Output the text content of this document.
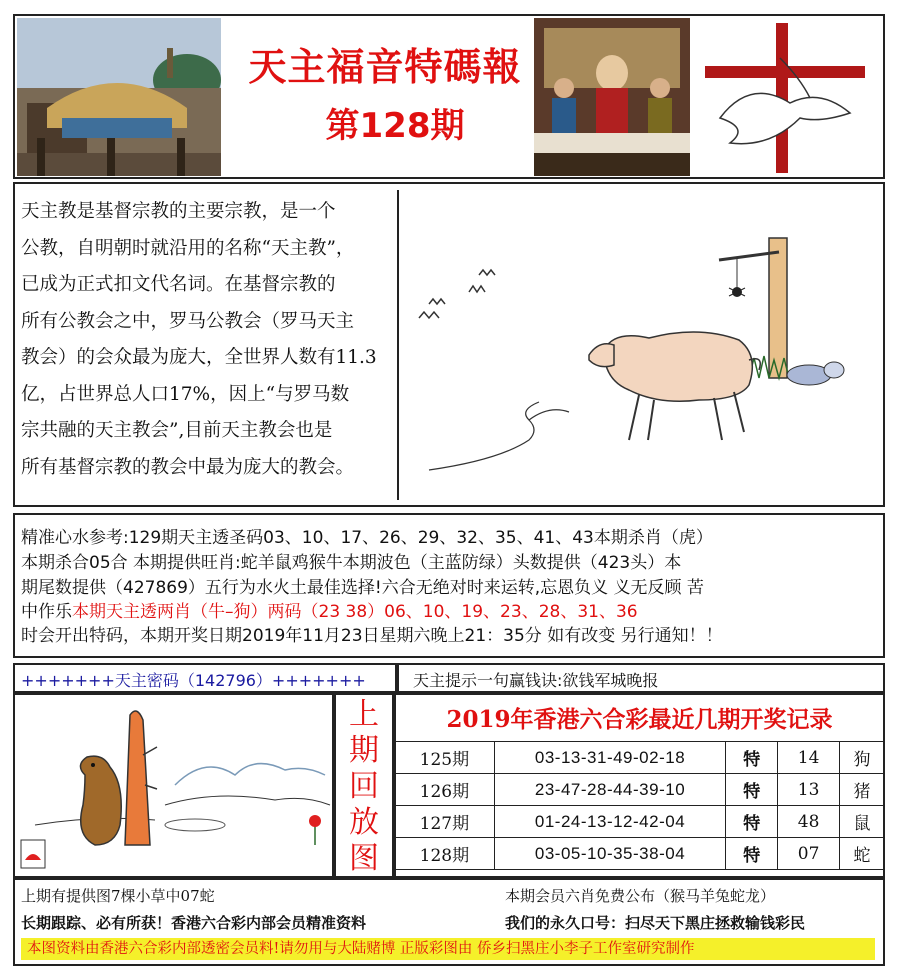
天主福音特碼報
第128期

天主教是基督宗教的主要宗教，是一个

公教，自明朝时就沿用的名称“天主教”，

已成为正式扣文代名词。在基督宗教的

所有公教会之中，罗马公教会（罗马天主

教会）的会众最为庞大，全世界人数有11.3

亿，占世界总人口17%，因上“与罗马数

宗共融的天主教会”,目前天主教会也是

所有基督宗教的教会中最为庞大的教会。

精准心水参考:129期天主透圣码03、10、17、26、29、32、35、41、43本期杀肖（虎）
本期杀合05合 本期提供旺肖:蛇羊鼠鸡猴牛本期波色（主蓝防绿）头数提供（423头）本
期尾数提供（427869）五行为水火土最佳选择!六合无绝对时来运转,忘恩负义 义无反顾 苦
中作乐本期天主透两肖（牛–狗）两码（23 38）06、10、19、23、28、31、36
时会开出特码，本期开奖日期2019年11月23日星期六晚上21：35分 如有改变 另行通知！！
+++++++天主密码（142796）+++++++	天主提示一句赢钱诀:欲钱军城晚报
上
期
回
放
图
2019年香港六合彩最近几期开奖记录
125期	03-13-31-49-02-18	特	14	狗
126期	23-47-28-44-39-10	特	13	猪
127期	01-24-13-12-42-04	特	48	鼠
128期	03-05-10-35-38-04	特	07	蛇
上期有提供图7棵小草中07蛇	本期会员六肖免费公布（猴马羊兔蛇龙）
长期跟踪、必有所获！香港六合彩内部会员精准资料	我们的永久口号：扫尽天下黑庄拯救输钱彩民
本图资料由香港六合彩内部透密会员料!请勿用与大陆赌博 正版彩图由 侨乡扫黑庄小李子工作室研究制作
